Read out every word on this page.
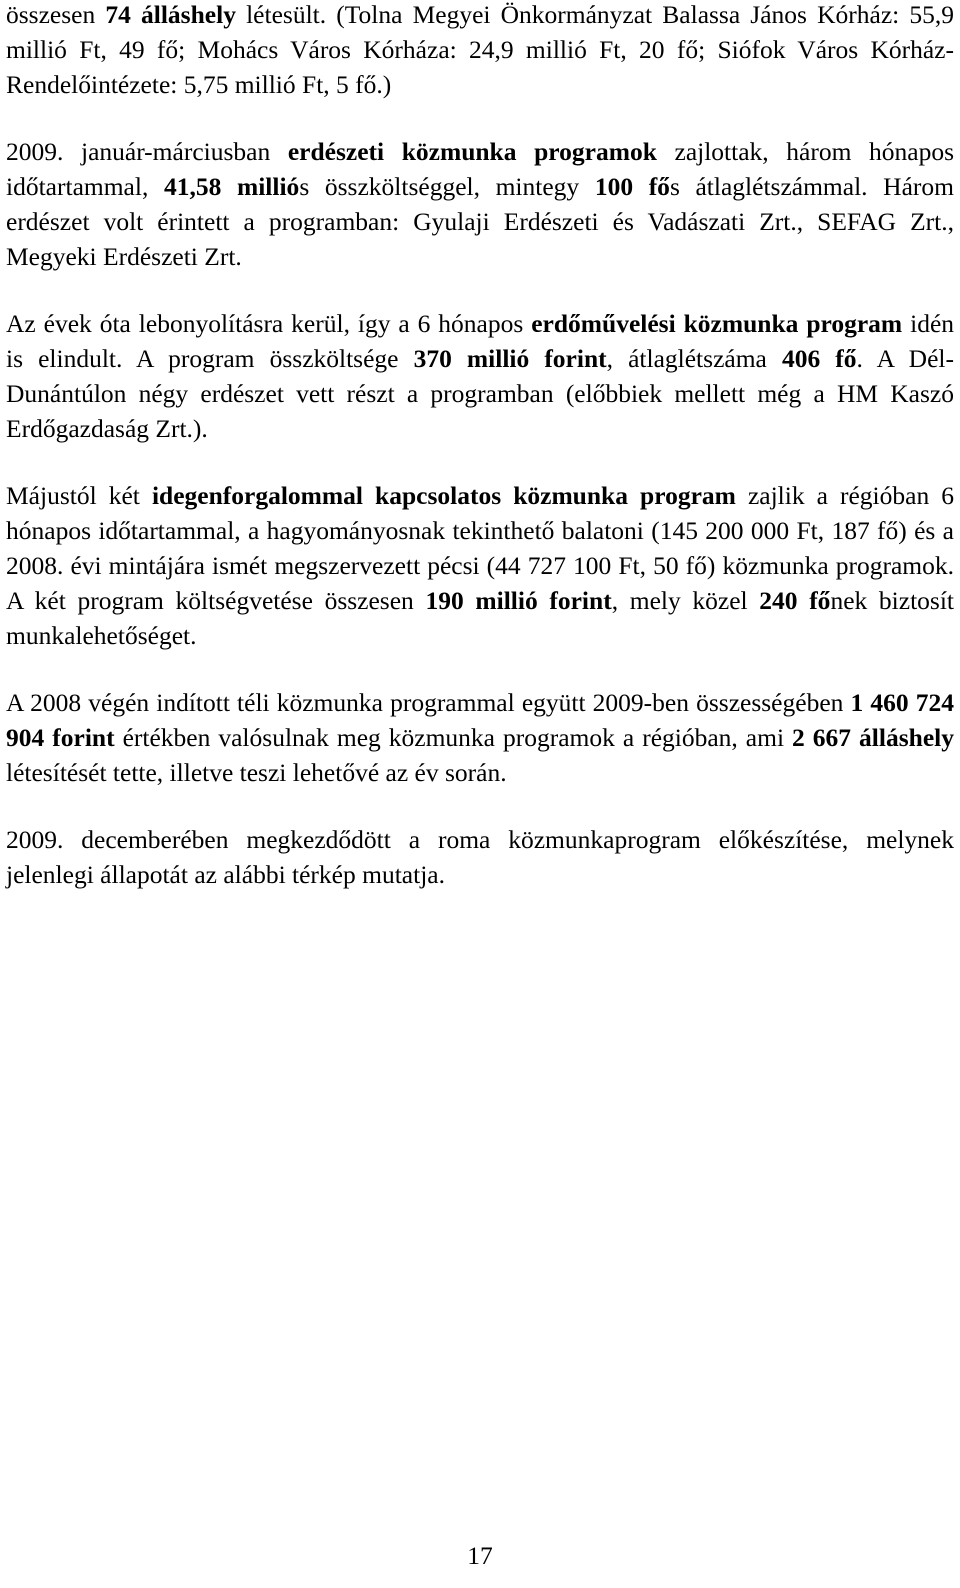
összesen 74 álláshely létesült. (Tolna Megyei Önkormányzat Balassa János Kórház: 55,9 millió Ft, 49 fő; Mohács Város Kórháza: 24,9 millió Ft, 20 fő; Siófok Város Kórház-Rendelőintézete: 5,75 millió Ft, 5 fő.)

2009. január-márciusban erdészeti közmunka programok zajlottak, három hónapos időtartammal, 41,58 milliós összköltséggel, mintegy 100 fős átlaglétszámmal. Három erdészet volt érintett a programban: Gyulaji Erdészeti és Vadászati Zrt., SEFAG Zrt., Megyeki Erdészeti Zrt.

Az évek óta lebonyolításra kerül, így a 6 hónapos erdőművelési közmunka program idén is elindult. A program összköltsége 370 millió forint, átlaglétszáma 406 fő. A Dél-Dunántúlon négy erdészet vett részt a programban (előbbiek mellett még a HM Kaszó Erdőgazdaság Zrt.).

Májustól két idegenforgalommal kapcsolatos közmunka program zajlik a régióban 6 hónapos időtartammal, a hagyományosnak tekinthető balatoni (145 200 000 Ft, 187 fő) és a 2008. évi mintájára ismét megszervezett pécsi (44 727 100 Ft, 50 fő) közmunka programok. A két program költségvetése összesen 190 millió forint, mely közel 240 főnek biztosít munkalehetőséget.

A 2008 végén indított téli közmunka programmal együtt 2009-ben összességében 1 460 724 904 forint értékben valósulnak meg közmunka programok a régióban, ami 2 667 álláshely létesítését tette, illetve teszi lehetővé az év során.

2009. decemberében megkezdődött a roma közmunkaprogram előkészítése, melynek jelenlegi állapotát az alábbi térkép mutatja.

17
